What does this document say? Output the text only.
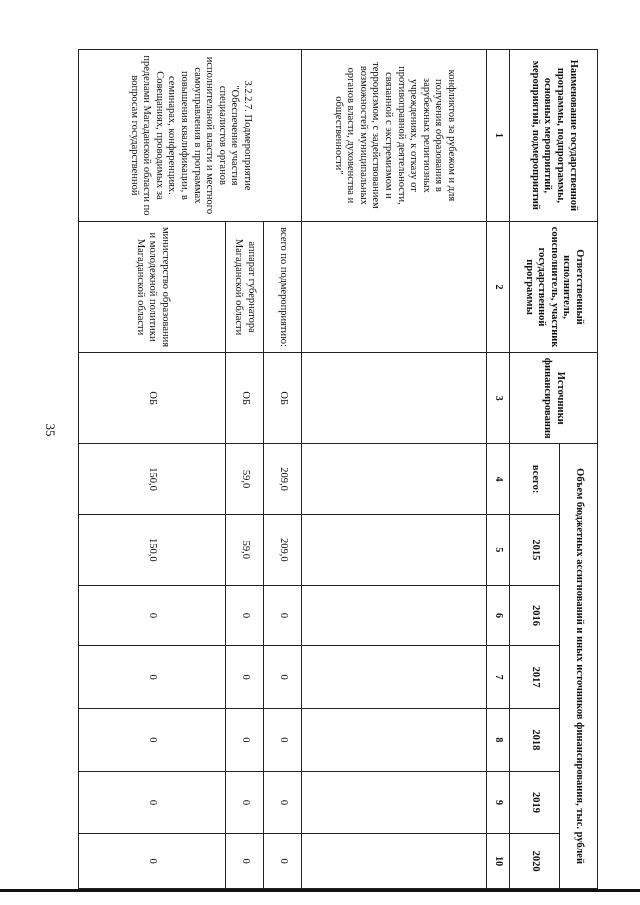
35
Наименование государственной программы, подпрограммы, основных мероприятий, мероприятий, подмероприятий	Ответственный исполнитель, соисполнитель, участник государственной программы	Источники финансирования	Объем бюджетных ассигнований и иных источников финансирования, тыс. рублей						
			всего:	2015	2016	2017	2018	2019	2020
1	2	3	4	5	6	7	8	9	10
конфликтов за рубежом и для получения образования в зарубежных религиозных учреждениях, к отказу от противоправной деятельности, связанной с экстремизмом и терроризмом, с задействованием возможностей муниципальных органов власти, духовенства и общественности"									
3.2.2.7. Подмероприятие "Обеспечение участия специалистов органов исполнительной власти и местного самоуправления в программах повышения квалификации, в семинарах, конференциях. Совещаниях, проводимых за пределами Магаданской области по вопросам государственной	всего по подмероприятию:	ОБ	209,0	209,0	0	0	0	0	0
	аппарат губернатора Магаданской области	ОБ	59,0	59,0	0	0	0	0	0
	министерство образования и молодежной политики Магаданской области	ОБ	150,0	150,0	0	0	0	0	0
